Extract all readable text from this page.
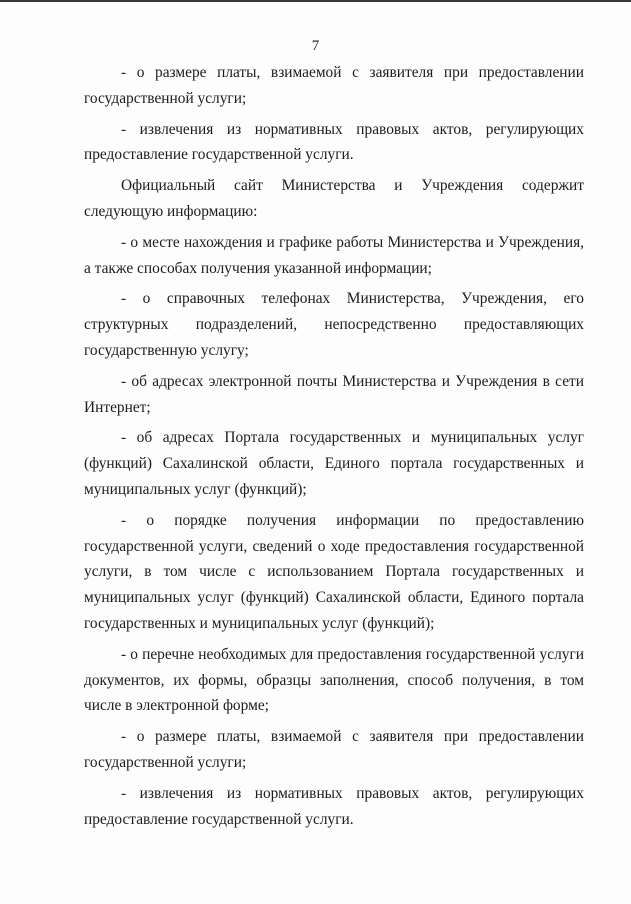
7

- о размере платы, взимаемой с заявителя при предоставлении государственной услуги;

- извлечения из нормативных правовых актов, регулирующих предоставление государственной услуги.

Официальный сайт Министерства и Учреждения содержит следующую информацию:

- о месте нахождения и графике работы Министерства и Учреждения, а также способах получения указанной информации;

- о справочных телефонах Министерства, Учреждения, его структурных подразделений, непосредственно предоставляющих государственную услугу;

- об адресах электронной почты Министерства и Учреждения в сети Интернет;

- об адресах Портала государственных и муниципальных услуг (функций) Сахалинской области, Единого портала государственных и муниципальных услуг (функций);

- о порядке получения информации по предоставлению государственной услуги, сведений о ходе предоставления государственной услуги, в том числе с использованием Портала государственных и муниципальных услуг (функций) Сахалинской области, Единого портала государственных и муниципальных услуг (функций);

- о перечне необходимых для предоставления государственной услуги документов, их формы, образцы заполнения, способ получения, в том числе в электронной форме;

- о размере платы, взимаемой с заявителя при предоставлении государственной услуги;

- извлечения из нормативных правовых актов, регулирующих предоставление государственной услуги.
